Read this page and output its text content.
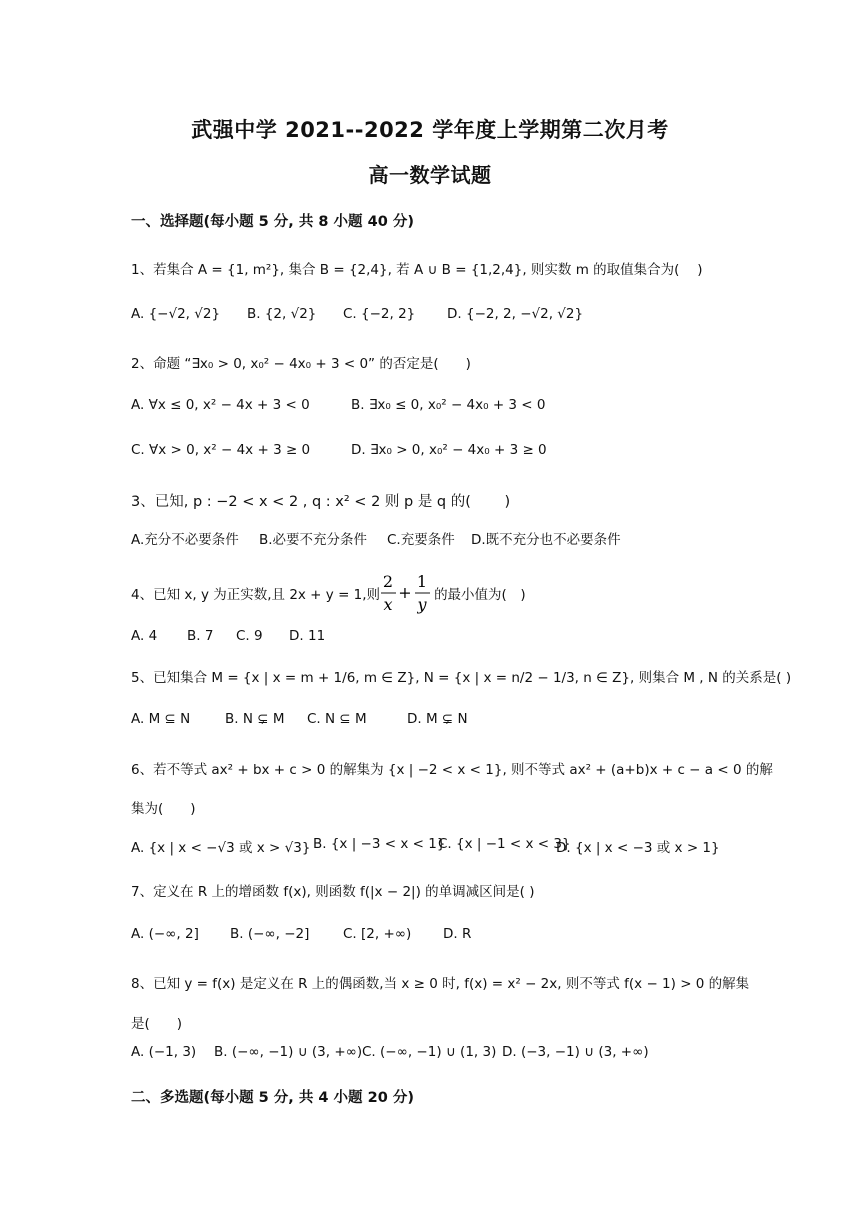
武强中学 2021--2022 学年度上学期第二次月考
高一数学试题
一、选择题(每小题 5 分, 共 8 小题 40 分)
1、若集合 A = {1, m²}, 集合 B = {2,4}, 若 A ∪ B = {1,2,4}, 则实数 m 的取值集合为(　 )
A. {−√2, √2} B. {2, √2} C. {−2, 2} D. {−2, 2, −√2, √2}
2、命题 “∃x₀ > 0, x₀² − 4x₀ + 3 < 0” 的否定是(　　)
A. ∀x ≤ 0, x² − 4x + 3 < 0	B. ∃x₀ ≤ 0, x₀² − 4x₀ + 3 < 0
C. ∀x > 0, x² − 4x + 3 ≥ 0	D. ∃x₀ > 0, x₀² − 4x₀ + 3 ≥ 0
3、已知, p : −2 < x < 2 , q : x² < 2 则 p 是 q 的(　　 )
A.充分不必要条件 B.必要不充分条件 C.充要条件 D.既不充分也不必要条件
4、已知 x, y 为正实数,且 2x + y = 1,则
2
x
+
1
y 的最小值为(　)
A. 4 B. 7 C. 9 D. 11
5、已知集合 M = {x | x = m + 1/6, m ∈ Z}, N = {x | x = n/2 − 1/3, n ∈ Z}, 则集合 M , N 的关系是( )
A. M ⊆ N	B. N ⊊ M C. N ⊆ M	D. M ⊊ N
6、若不等式 ax² + bx + c > 0 的解集为 {x | −2 < x < 1}, 则不等式 ax² + (a+b)x + c − a < 0 的解
集为(　　)
A. {x | x < −√3 或 x > √3} B. {x | −3 < x < 1}
C. {x | −1 < x < 3}
D. {x | x < −3 或 x > 1}
7、定义在 R 上的增函数 f(x), 则函数 f(|x − 2|) 的单调减区间是( )
A. (−∞, 2] B. (−∞, −2] C. [2, +∞) D. R
8、已知 y = f(x) 是定义在 R 上的偶函数,当 x ≥ 0 时, f(x) = x² − 2x, 则不等式 f(x − 1) > 0 的解集
是(　　)
A. (−1, 3) B. (−∞, −1) ∪ (3, +∞) C. (−∞, −1) ∪ (1, 3) D. (−3, −1) ∪ (3, +∞)
二、多选题(每小题 5 分, 共 4 小题 20 分)
